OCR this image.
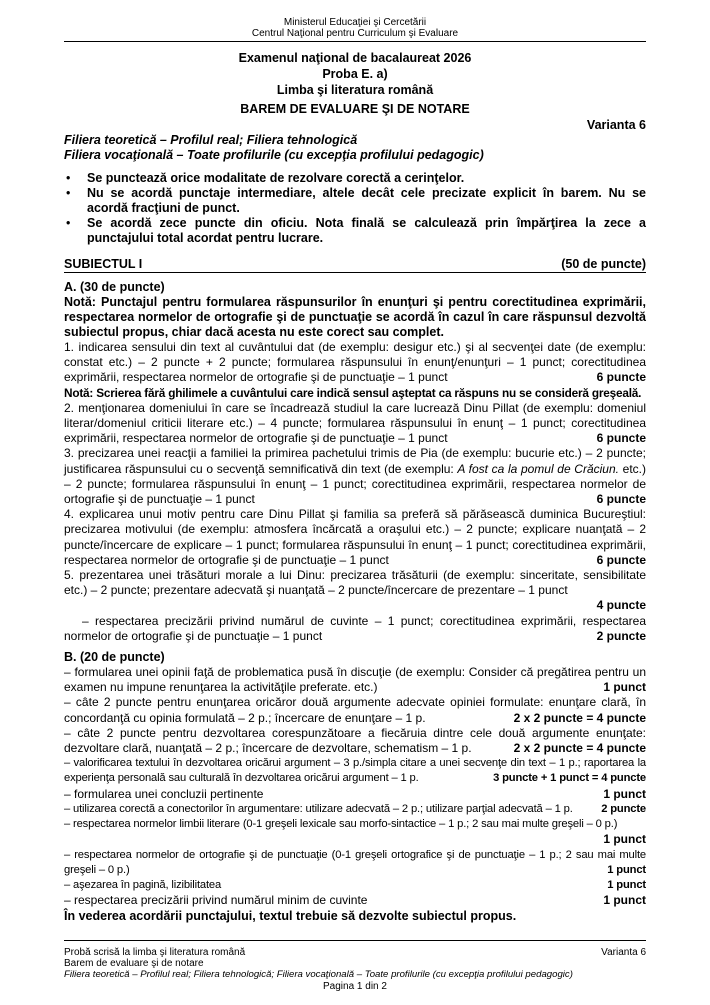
Ministerul Educaţiei şi Cercetării
Centrul Naţional pentru Curriculum şi Evaluare
Examenul naţional de bacalaureat 2026
Proba E. a)
Limba şi literatura română
BAREM DE EVALUARE ŞI DE NOTARE
Varianta 6
Filiera teoretică – Profilul real; Filiera tehnologică
Filiera vocaţională – Toate profilurile (cu excepţia profilului pedagogic)
• Se punctează orice modalitate de rezolvare corectă a cerinţelor.
• Nu se acordă punctaje intermediare, altele decât cele precizate explicit în barem. Nu se acordă fracţiuni de punct.
• Se acordă zece puncte din oficiu. Nota finală se calculează prin împărţirea la zece a punctajului total acordat pentru lucrare.
SUBIECTUL I	(50 de puncte)
A. (30 de puncte)
Notă: Punctajul pentru formularea răspunsurilor în enunţuri şi pentru corectitudinea exprimării, respectarea normelor de ortografie şi de punctuaţie se acordă în cazul în care răspunsul dezvoltă subiectul propus, chiar dacă acesta nu este corect sau complet.
1. indicarea sensului din text al cuvântului dat (de exemplu: desigur etc.) şi al secvenţei date (de exemplu: constat etc.) – 2 puncte + 2 puncte; formularea răspunsului în enunţ/enunţuri – 1 punct; corectitudinea exprimării, respectarea normelor de ortografie şi de punctuaţie – 1 punct	6 puncte
Notă: Scrierea fără ghilimele a cuvântului care indică sensul aşteptat ca răspuns nu se consideră greşeală.
2. menţionarea domeniului în care se încadrează studiul la care lucrează Dinu Pillat (de exemplu: domeniul literar/domeniul criticii literare etc.) – 4 puncte; formularea răspunsului în enunţ – 1 punct; corectitudinea exprimării, respectarea normelor de ortografie şi de punctuaţie – 1 punct	6 puncte
3. precizarea unei reacţii a familiei la primirea pachetului trimis de Pia (de exemplu: bucurie etc.) – 2 puncte; justificarea răspunsului cu o secvenţă semnificativă din text (de exemplu: A fost ca la pomul de Crăciun. etc.) – 2 puncte; formularea răspunsului în enunţ – 1 punct; corectitudinea exprimării, respectarea normelor de ortografie şi de punctuaţie – 1 punct	6 puncte
4. explicarea unui motiv pentru care Dinu Pillat şi familia sa preferă să părăsească duminica Bucureştiul: precizarea motivului (de exemplu: atmosfera încărcată a oraşului etc.) – 2 puncte; explicare nuanţată – 2 puncte/încercare de explicare – 1 punct; formularea răspunsului în enunţ – 1 punct; corectitudinea exprimării, respectarea normelor de ortografie şi de punctuaţie – 1 punct	6 puncte
5. prezentarea unei trăsături morale a lui Dinu: precizarea trăsăturii (de exemplu: sinceritate, sensibilitate etc.) – 2 puncte; prezentare adecvată şi nuanţată – 2 puncte/încercare de prezentare – 1 punct
4 puncte
– respectarea precizării privind numărul de cuvinte – 1 punct; corectitudinea exprimării, respectarea normelor de ortografie şi de punctuaţie – 1 punct	2 puncte
B. (20 de puncte)
– formularea unei opinii faţă de problematica pusă în discuţie (de exemplu: Consider că pregătirea pentru un examen nu impune renunţarea la activităţile preferate. etc.)	1 punct
– câte 2 puncte pentru enunţarea oricăror două argumente adecvate opiniei formulate: enunţare clară, în concordanţă cu opinia formulată – 2 p.; încercare de enunţare – 1 p.	2 x 2 puncte = 4 puncte
– câte 2 puncte pentru dezvoltarea corespunzătoare a fiecăruia dintre cele două argumente enunţate: dezvoltare clară, nuanţată – 2 p.; încercare de dezvoltare, schematism – 1 p.	2 x 2 puncte = 4 puncte
– valorificarea textului în dezvoltarea oricărui argument – 3 p./simpla citare a unei secvenţe din text – 1 p.; raportarea la experienţa personală sau culturală în dezvoltarea oricărui argument – 1 p.	3 puncte + 1 punct = 4 puncte
– formularea unei concluzii pertinente	1 punct
– utilizarea corectă a conectorilor în argumentare: utilizare adecvată – 2 p.; utilizare parţial adecvată – 1 p.	2 puncte
– respectarea normelor limbii literare (0-1 greşeli lexicale sau morfo-sintactice – 1 p.; 2 sau mai multe greşeli – 0 p.)
1 punct
– respectarea normelor de ortografie şi de punctuaţie (0-1 greşeli ortografice şi de punctuaţie – 1 p.; 2 sau mai multe greşeli – 0 p.)	1 punct
– aşezarea în pagină, lizibilitatea	1 punct
– respectarea precizării privind numărul minim de cuvinte	1 punct
În vederea acordării punctajului, textul trebuie să dezvolte subiectul propus.
Probă scrisă la limba şi literatura română	Varianta 6
Barem de evaluare şi de notare
Filiera teoretică – Profilul real; Filiera tehnologică; Filiera vocaţională – Toate profilurile (cu excepţia profilului pedagogic)
Pagina 1 din 2
